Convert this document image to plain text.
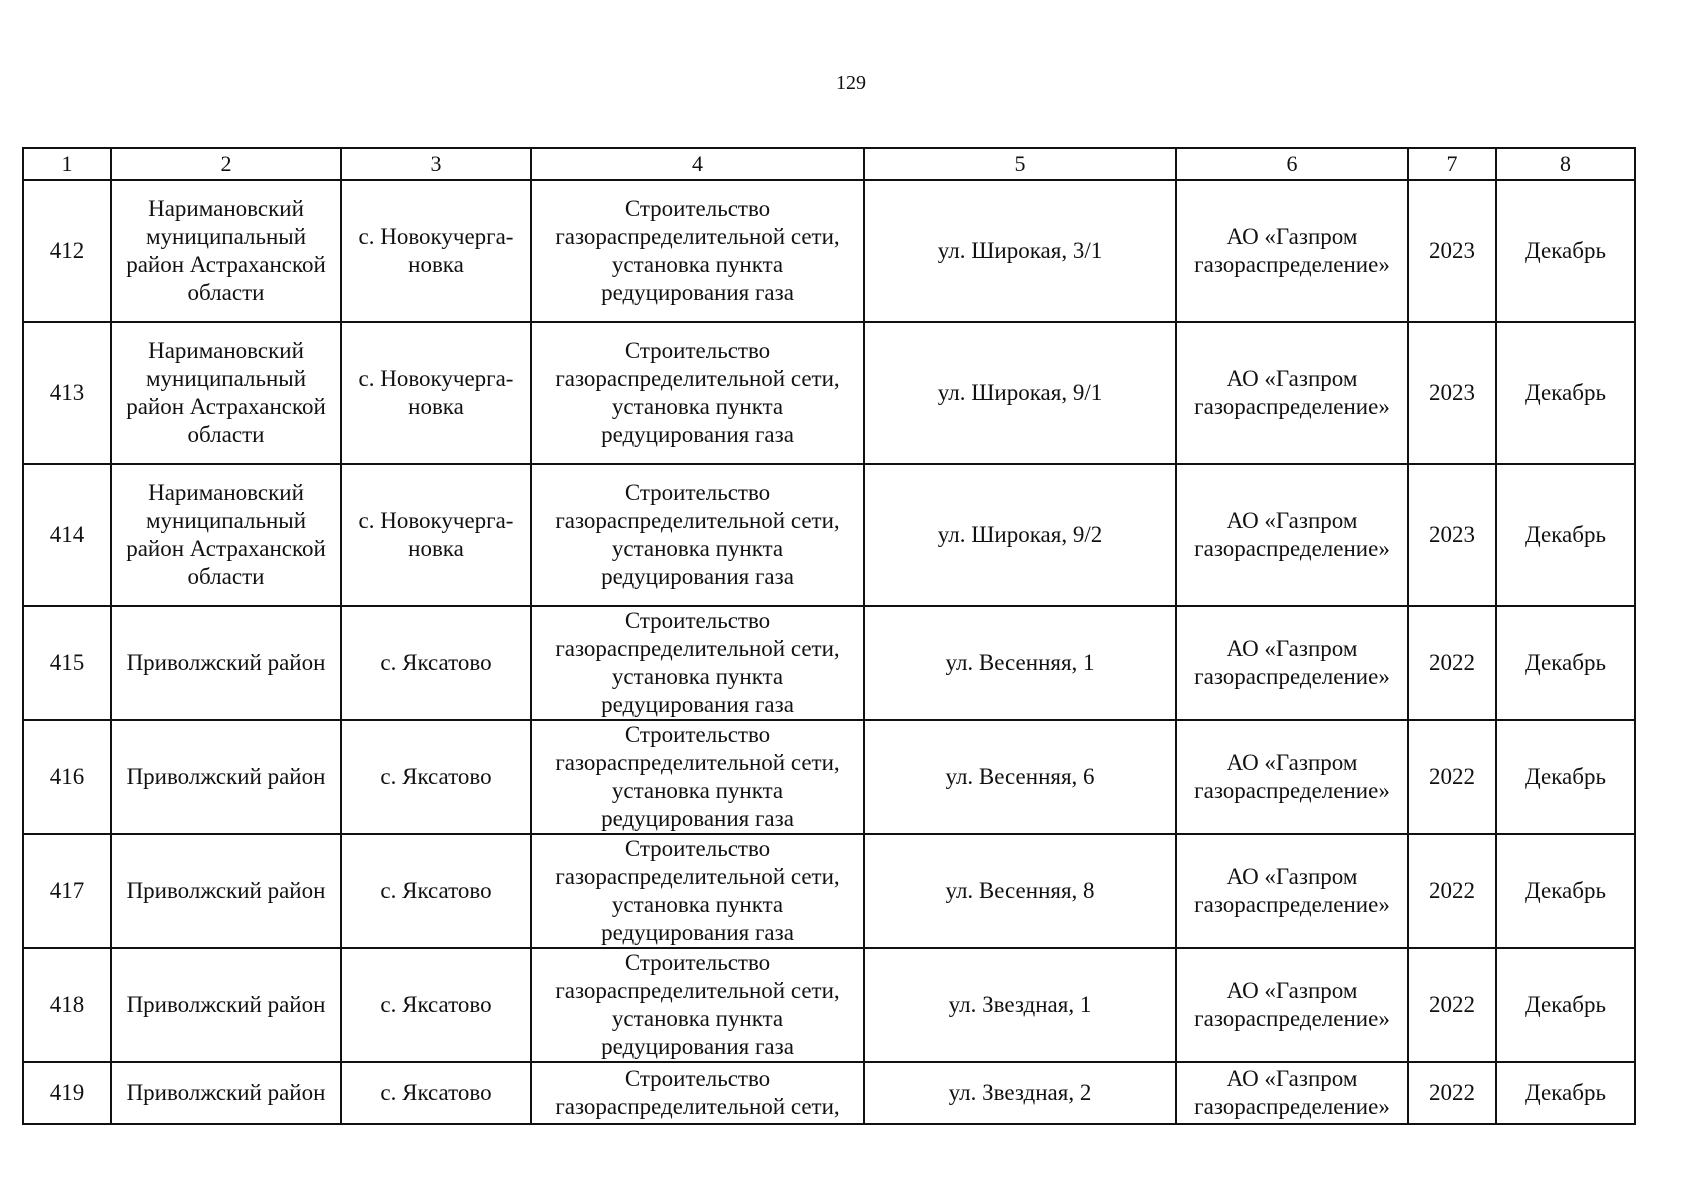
129
1	2	3	4	5	6	7	8
412	Наримановский муниципальный район Астраханской области	с. Новокучерга-новка	Строительство газораспределительной сети, установка пункта редуцирования газа	ул. Широкая, 3/1	АО «Газпром газораспределение»	2023	Декабрь
413	Наримановский муниципальный район Астраханской области	с. Новокучерга-новка	Строительство газораспределительной сети, установка пункта редуцирования газа	ул. Широкая, 9/1	АО «Газпром газораспределение»	2023	Декабрь
414	Наримановский муниципальный район Астраханской области	с. Новокучерга-новка	Строительство газораспределительной сети, установка пункта редуцирования газа	ул. Широкая, 9/2	АО «Газпром газораспределение»	2023	Декабрь
415	Приволжский район	с. Яксатово	Строительство газораспределительной сети, установка пункта редуцирования газа	ул. Весенняя, 1	АО «Газпром газораспределение»	2022	Декабрь
416	Приволжский район	с. Яксатово	Строительство газораспределительной сети, установка пункта редуцирования газа	ул. Весенняя, 6	АО «Газпром газораспределение»	2022	Декабрь
417	Приволжский район	с. Яксатово	Строительство газораспределительной сети, установка пункта редуцирования газа	ул. Весенняя, 8	АО «Газпром газораспределение»	2022	Декабрь
418	Приволжский район	с. Яксатово	Строительство газораспределительной сети, установка пункта редуцирования газа	ул. Звездная, 1	АО «Газпром газораспределение»	2022	Декабрь
419	Приволжский район	с. Яксатово	Строительство газораспределительной сети,	ул. Звездная, 2	АО «Газпром газораспределение»	2022	Декабрь
